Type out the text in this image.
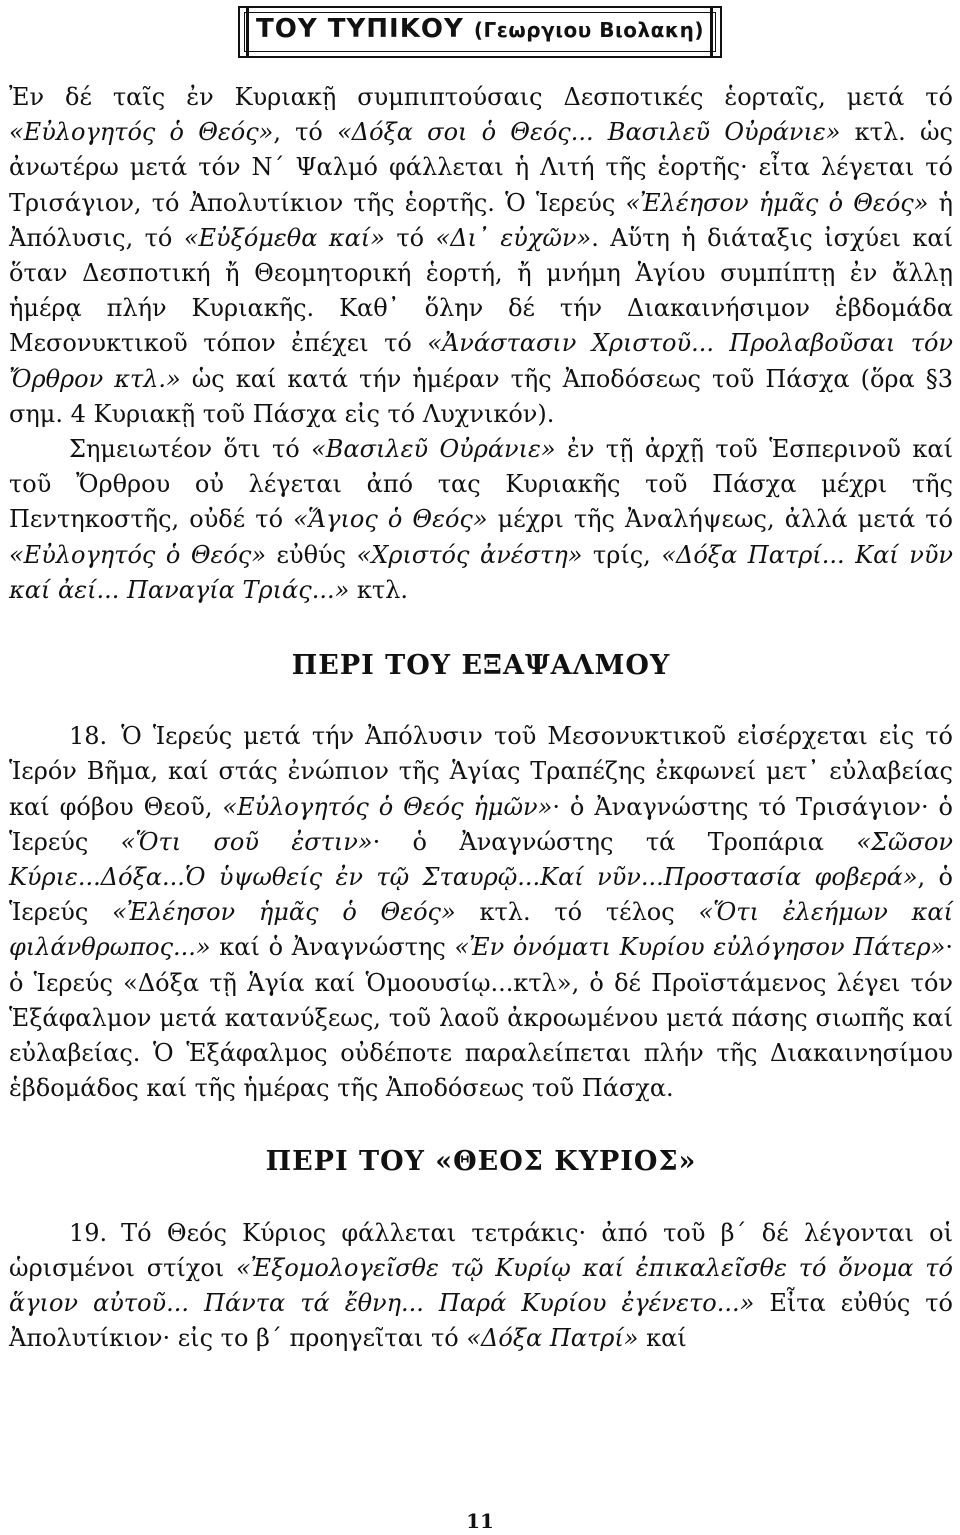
ΤΟΥ ΤΥΠΙΚΟΥ (Γεωργιου Βιολακη)

Ἐν δέ ταῖς ἐν Κυριακῇ συμπιπτούσαις Δεσποτικές ἑορταῖς, μετά τό «Εὐλογητός ὁ Θεός», τό «Δόξα σοι ὁ Θεός... Βασιλεῦ Οὐράνιε» κτλ. ὡς ἀνωτέρω μετά τόν Ν΄ Ψαλμό φάλλεται ἡ Λιτή τῆς ἑορτῆς· εἶτα λέγεται τό Τρισάγιον, τό Ἀπολυτίκιον τῆς ἑορτῆς. Ὁ Ἱερεύς «Ἐλέησον ἡμᾶς ὁ Θεός» ἡ Ἀπόλυσις, τό «Εὐξόμεθα καί» τό «Δι᾽ εὐχῶν». Αὕτη ἡ διάταξις ἰσχύει καί ὅταν Δεσποτική ἤ Θεομητορική ἑορτή, ἤ μνήμη Ἁγίου συμπίπτῃ ἐν ἄλλῃ ἡμέρᾳ πλήν Κυριακῆς. Καθ᾽ ὅλην δέ τήν Διακαινήσιμον ἑβδομάδα Μεσονυκτικοῦ τόπον ἐπέχει τό «Ἀνάστασιν Χριστοῦ... Προλαβοῦσαι τόν Ὄρθρον κτλ.» ὡς καί κατά τήν ἡμέραν τῆς Ἀποδόσεως τοῦ Πάσχα (ὅρα §3 σημ. 4 Κυριακῇ τοῦ Πάσχα εἰς τό Λυχνικόν).

Σημειωτέον ὅτι τό «Βασιλεῦ Οὐράνιε» ἐν τῇ ἀρχῇ τοῦ Ἑσπερινοῦ καί τοῦ Ὄρθρου οὐ λέγεται ἀπό τας Κυριακῆς τοῦ Πάσχα μέχρι τῆς Πεντηκοστῆς, οὐδέ τό «Ἅγιος ὁ Θεός» μέχρι τῆς Ἀναλήψεως, ἀλλά μετά τό «Εὐλογητός ὁ Θεός» εὐθύς «Χριστός ἀνέστη» τρίς, «Δόξα Πατρί... Καί νῦν καί ἀεί... Παναγία Τριάς...» κτλ.

ΠΕΡΙ ΤΟΥ ΕΞΑΨΑΛΜΟΥ

18. Ὁ Ἱερεύς μετά τήν Ἀπόλυσιν τοῦ Μεσονυκτικοῦ εἰσέρχεται εἰς τό Ἱερόν Βῆμα, καί στάς ἐνώπιον τῆς Ἁγίας Τραπέζης ἐκφωνεί μετ᾽ εὐλαβείας καί φόβου Θεοῦ, «Εὐλογητός ὁ Θεός ἡμῶν»· ὁ Ἀναγνώστης τό Τρισάγιον· ὁ Ἱερεύς «Ὅτι σοῦ ἐστιν»· ὁ Ἀναγνώστης τά Τροπάρια «Σῶσον Κύριε...Δόξα...Ὁ ὑψωθείς ἐν τῷ Σταυρῷ...Καί νῦν...Προστασία φοβερά», ὁ Ἱερεύς «Ἐλέησον ἡμᾶς ὁ Θεός» κτλ. τό τέλος «Ὅτι ἐλεήμων καί φιλάνθρωπος...» καί ὁ Ἀναγνώστης «Ἐν ὀνόματι Κυρίου εὐλόγησον Πάτερ»· ὁ Ἱερεύς «Δόξα τῇ Ἁγία καί Ὁμοουσίῳ...κτλ», ὁ δέ Προϊστάμενος λέγει τόν Ἑξάφαλμον μετά κατανύξεως, τοῦ λαοῦ ἀκροωμένου μετά πάσης σιωπῆς καί εὐλαβείας. Ὁ Ἑξάφαλμος οὐδέποτε παραλείπεται πλήν τῆς Διακαινησίμου ἑβδομάδος καί τῆς ἡμέρας τῆς Ἀποδόσεως τοῦ Πάσχα.

ΠΕΡΙ ΤΟΥ «ΘΕΟΣ ΚΥΡΙΟΣ»

19. Τό Θεός Κύριος φάλλεται τετράκις· ἀπό τοῦ β΄ δέ λέγονται οἱ ὡρισμένοι στίχοι «Ἐξομολογεῖσθε τῷ Κυρίῳ καί ἐπικαλεῖσθε τό ὄνομα τό ἅγιον αὐτοῦ... Πάντα τά ἔθνη... Παρά Κυρίου ἐγένετο...» Εἶτα εὐθύς τό Ἀπολυτίκιον· εἰς το β΄ προηγεῖται τό «Δόξα Πατρί» καί

11
